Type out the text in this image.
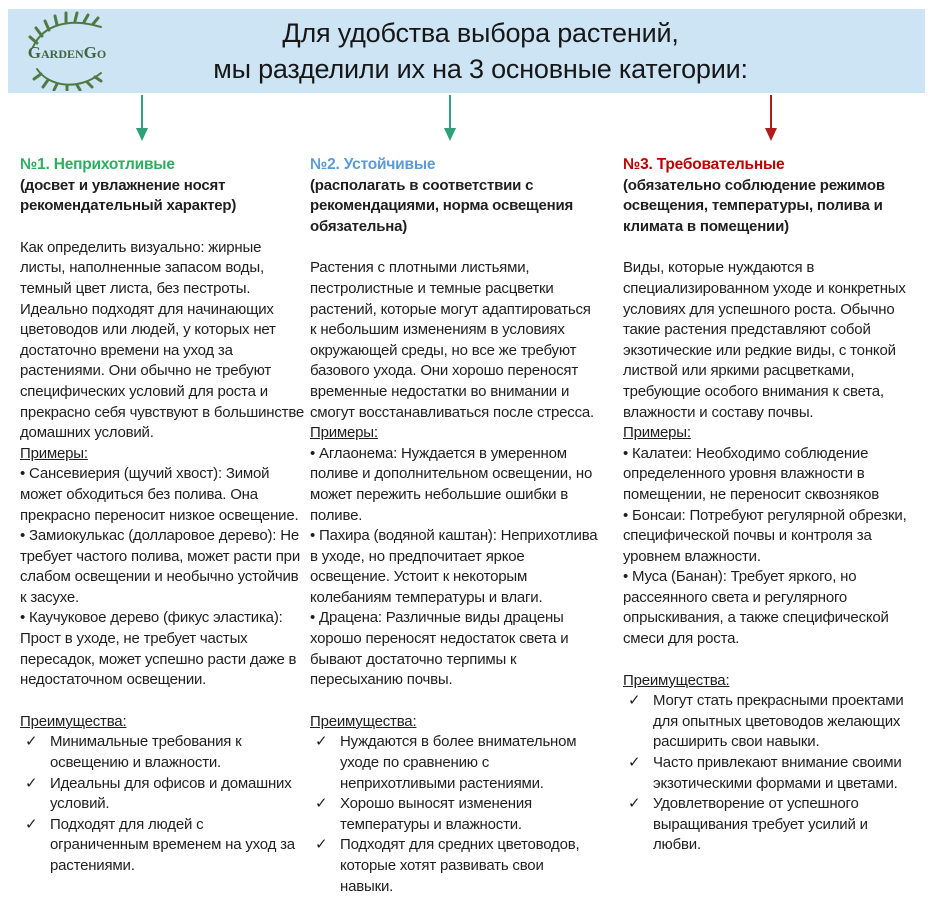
GardenGo
Для удобства выбора растений,
мы разделили их на 3 основные категории:
№1. Неприхотливые
(досвет и увлажнение носят рекомендательный характер)

Как определить визуально: жирные листы, наполненные запасом воды, темный цвет листа, без пестроты. Идеально подходят для начинающих цветоводов или людей, у которых нет достаточно времени на уход за растениями. Они обычно не требуют специфических условий для роста и прекрасно себя чувствуют в большинстве домашних условий.

Примеры:

• Сансевиерия (щучий хвост): Зимой может обходиться без полива. Она прекрасно переносит низкое освещение.

• Замиокулькас (долларовое дерево): Не требует частого полива, может расти при слабом освещении и необычно устойчив к засухе.

• Каучуковое дерево (фикус эластика): Прост в уходе, не требует частых пересадок, может успешно расти даже в недостаточном освещении.

Преимущества:
✓
Минимальные требования к освещению и влажности.
✓
Идеальны для офисов и домашних условий.
✓
Подходят для людей с ограниченным временем на уход за растениями.
№2. Устойчивые
(располагать в соответствии с рекомендациями, норма освещения обязательна)

Растения с плотными листьями, пестролистные и темные расцветки растений, которые могут адаптироваться к небольшим изменениям в условиях окружающей среды, но все же требуют базового ухода. Они хорошо переносят временные недостатки во внимании и смогут восстанавливаться после стресса.

Примеры:

• Аглаонема: Нуждается в умеренном поливе и дополнительном освещении, но может пережить небольшие ошибки в поливе.

• Пахира (водяной каштан): Неприхотлива в уходе, но предпочитает яркое освещение. Устоит к некоторым колебаниям температуры и влаги.

• Драцена: Различные виды драцены хорошо переносят недостаток света и бывают достаточно терпимы к пересыханию почвы.

Преимущества:
✓
Нуждаются в более внимательном уходе по сравнению с неприхотливыми растениями.
✓
Хорошо выносят изменения температуры и влажности.
✓
Подходят для средних цветоводов, которые хотят развивать свои навыки.
№3. Требовательные
(обязательно соблюдение режимов освещения, температуры, полива и климата в помещении)

Виды, которые нуждаются в специализированном уходе и конкретных условиях для успешного роста. Обычно такие растения представляют собой экзотические или редкие виды, с тонкой листвой или яркими расцветками, требующие особого внимания к света, влажности и составу почвы.

Примеры:

• Калатеи: Необходимо соблюдение определенного уровня влажности в помещении, не переносит сквозняков

• Бонсаи: Потребуют регулярной обрезки, специфической почвы и контроля за уровнем влажности.

• Муса (Банан): Требует яркого, но рассеянного света и регулярного опрыскивания, а также специфической смеси для роста.

Преимущества:
✓
Могут стать прекрасными проектами для опытных цветоводов желающих расширить свои навыки.
✓
Часто привлекают внимание своими экзотическими формами и цветами.
✓
Удовлетворение от успешного выращивания требует усилий и любви.
